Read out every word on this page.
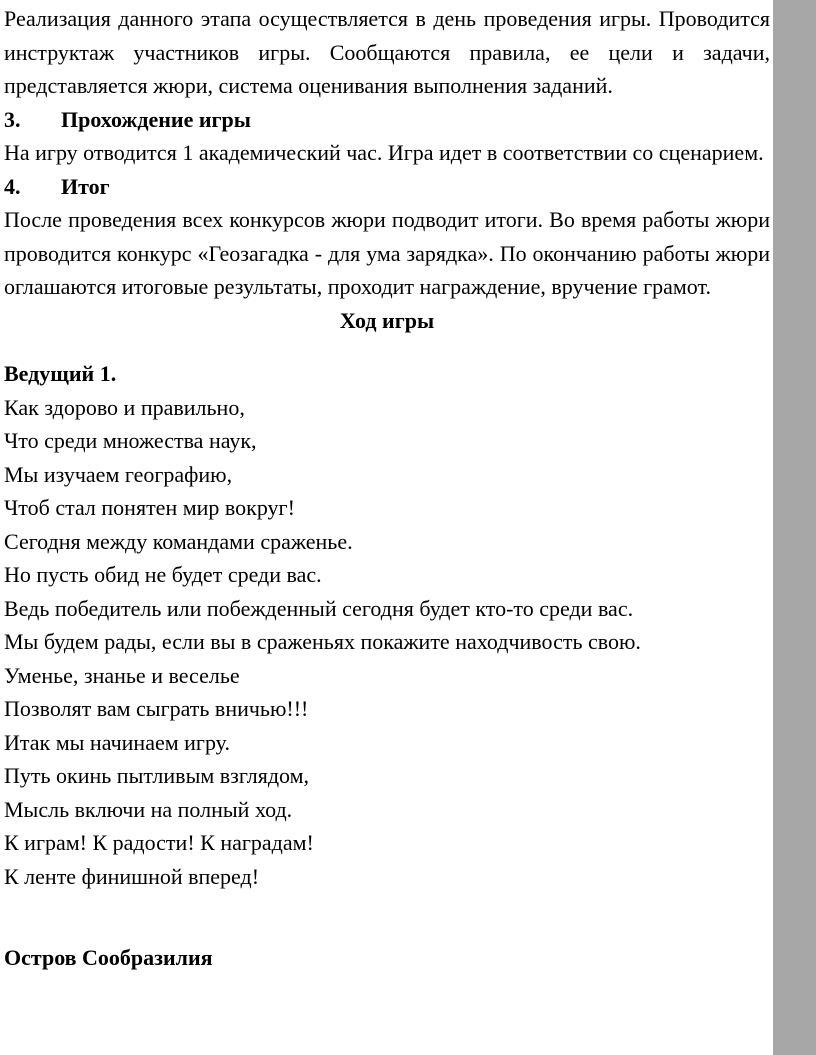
Реализация данного этапа осуществляется в день проведения игры. Проводится инструктаж участников игры. Сообщаются правила, ее цели и задачи, представляется жюри, система оценивания выполнения заданий.

3. Прохождение игры

На игру отводится 1 академический час. Игра идет в соответствии со сценарием.

4. Итог

После проведения всех конкурсов жюри подводит итоги. Во время работы жюри проводится конкурс «Геозагадка - для ума зарядка». По окончанию работы жюри оглашаются итоговые результаты, проходит награждение, вручение грамот.

Ход игры

Ведущий 1.
Как здорово и правильно,
Что среди множества наук,
Мы изучаем географию,
Чтоб стал понятен мир вокруг!
Сегодня между командами сраженье.
Но пусть обид не будет среди вас.
Ведь победитель или побежденный сегодня будет кто-то среди вас.
Мы будем рады, если вы в сраженьях покажите находчивость свою.
Уменье, знанье и веселье
Позволят вам сыграть вничью!!!
Итак мы начинаем игру.
Путь окинь пытливым взглядом,
Мысль включи на полный ход.
К играм! К радости! К наградам!
К ленте финишной вперед!
Остров Сообразилия
